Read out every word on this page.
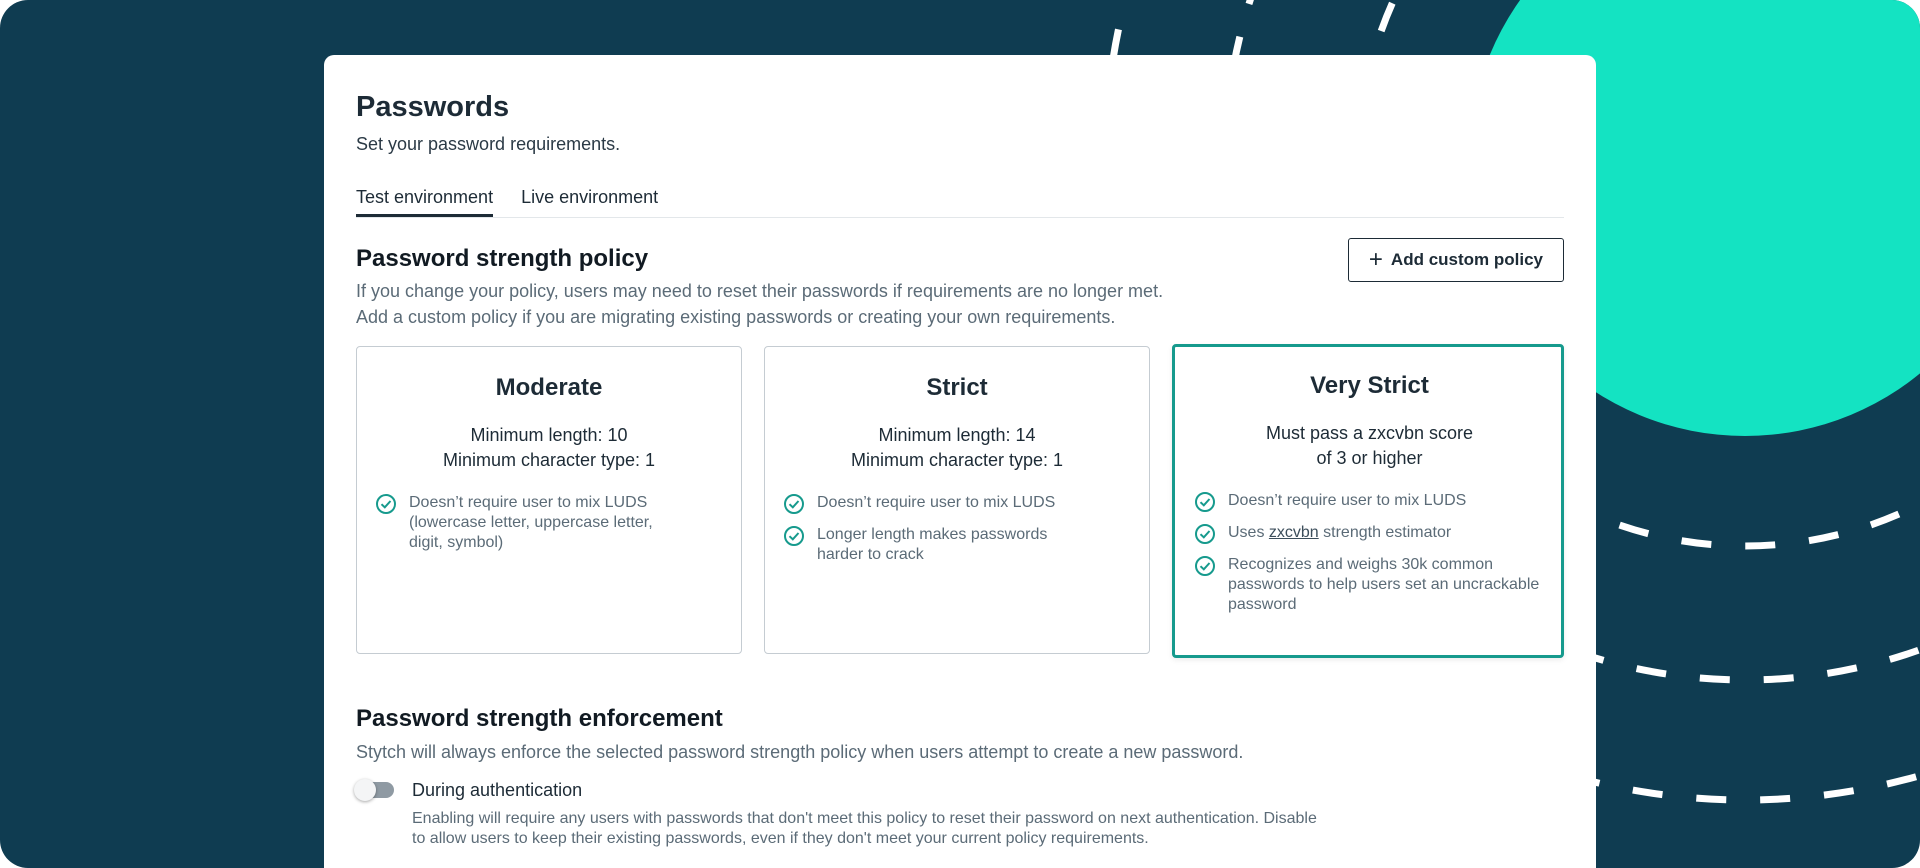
Passwords
Set your password requirements.
Test environment Live environment
Password strength policy
If you change your policy, users may need to reset their passwords if requirements are no longer met.
Add a custom policy if you are migrating existing passwords or creating your own requirements.
+ Add custom policy
Moderate
Minimum length: 10
Minimum character type: 1
Doesn’t require user to mix LUDS
(lowercase letter, uppercase letter,
digit, symbol)
Strict
Minimum length: 14
Minimum character type: 1
Doesn’t require user to mix LUDS
Longer length makes passwords
harder to crack
Very Strict
Must pass a zxcvbn score
of 3 or higher
Doesn’t require user to mix LUDS
Uses zxcvbn strength estimator
Recognizes and weighs 30k common
passwords to help users set an uncrackable
password
Password strength enforcement
Stytch will always enforce the selected password strength policy when users attempt to create a new password.
During authentication
Enabling will require any users with passwords that don't meet this policy to reset their password on next authentication. Disable
to allow users to keep their existing passwords, even if they don't meet your current policy requirements.
